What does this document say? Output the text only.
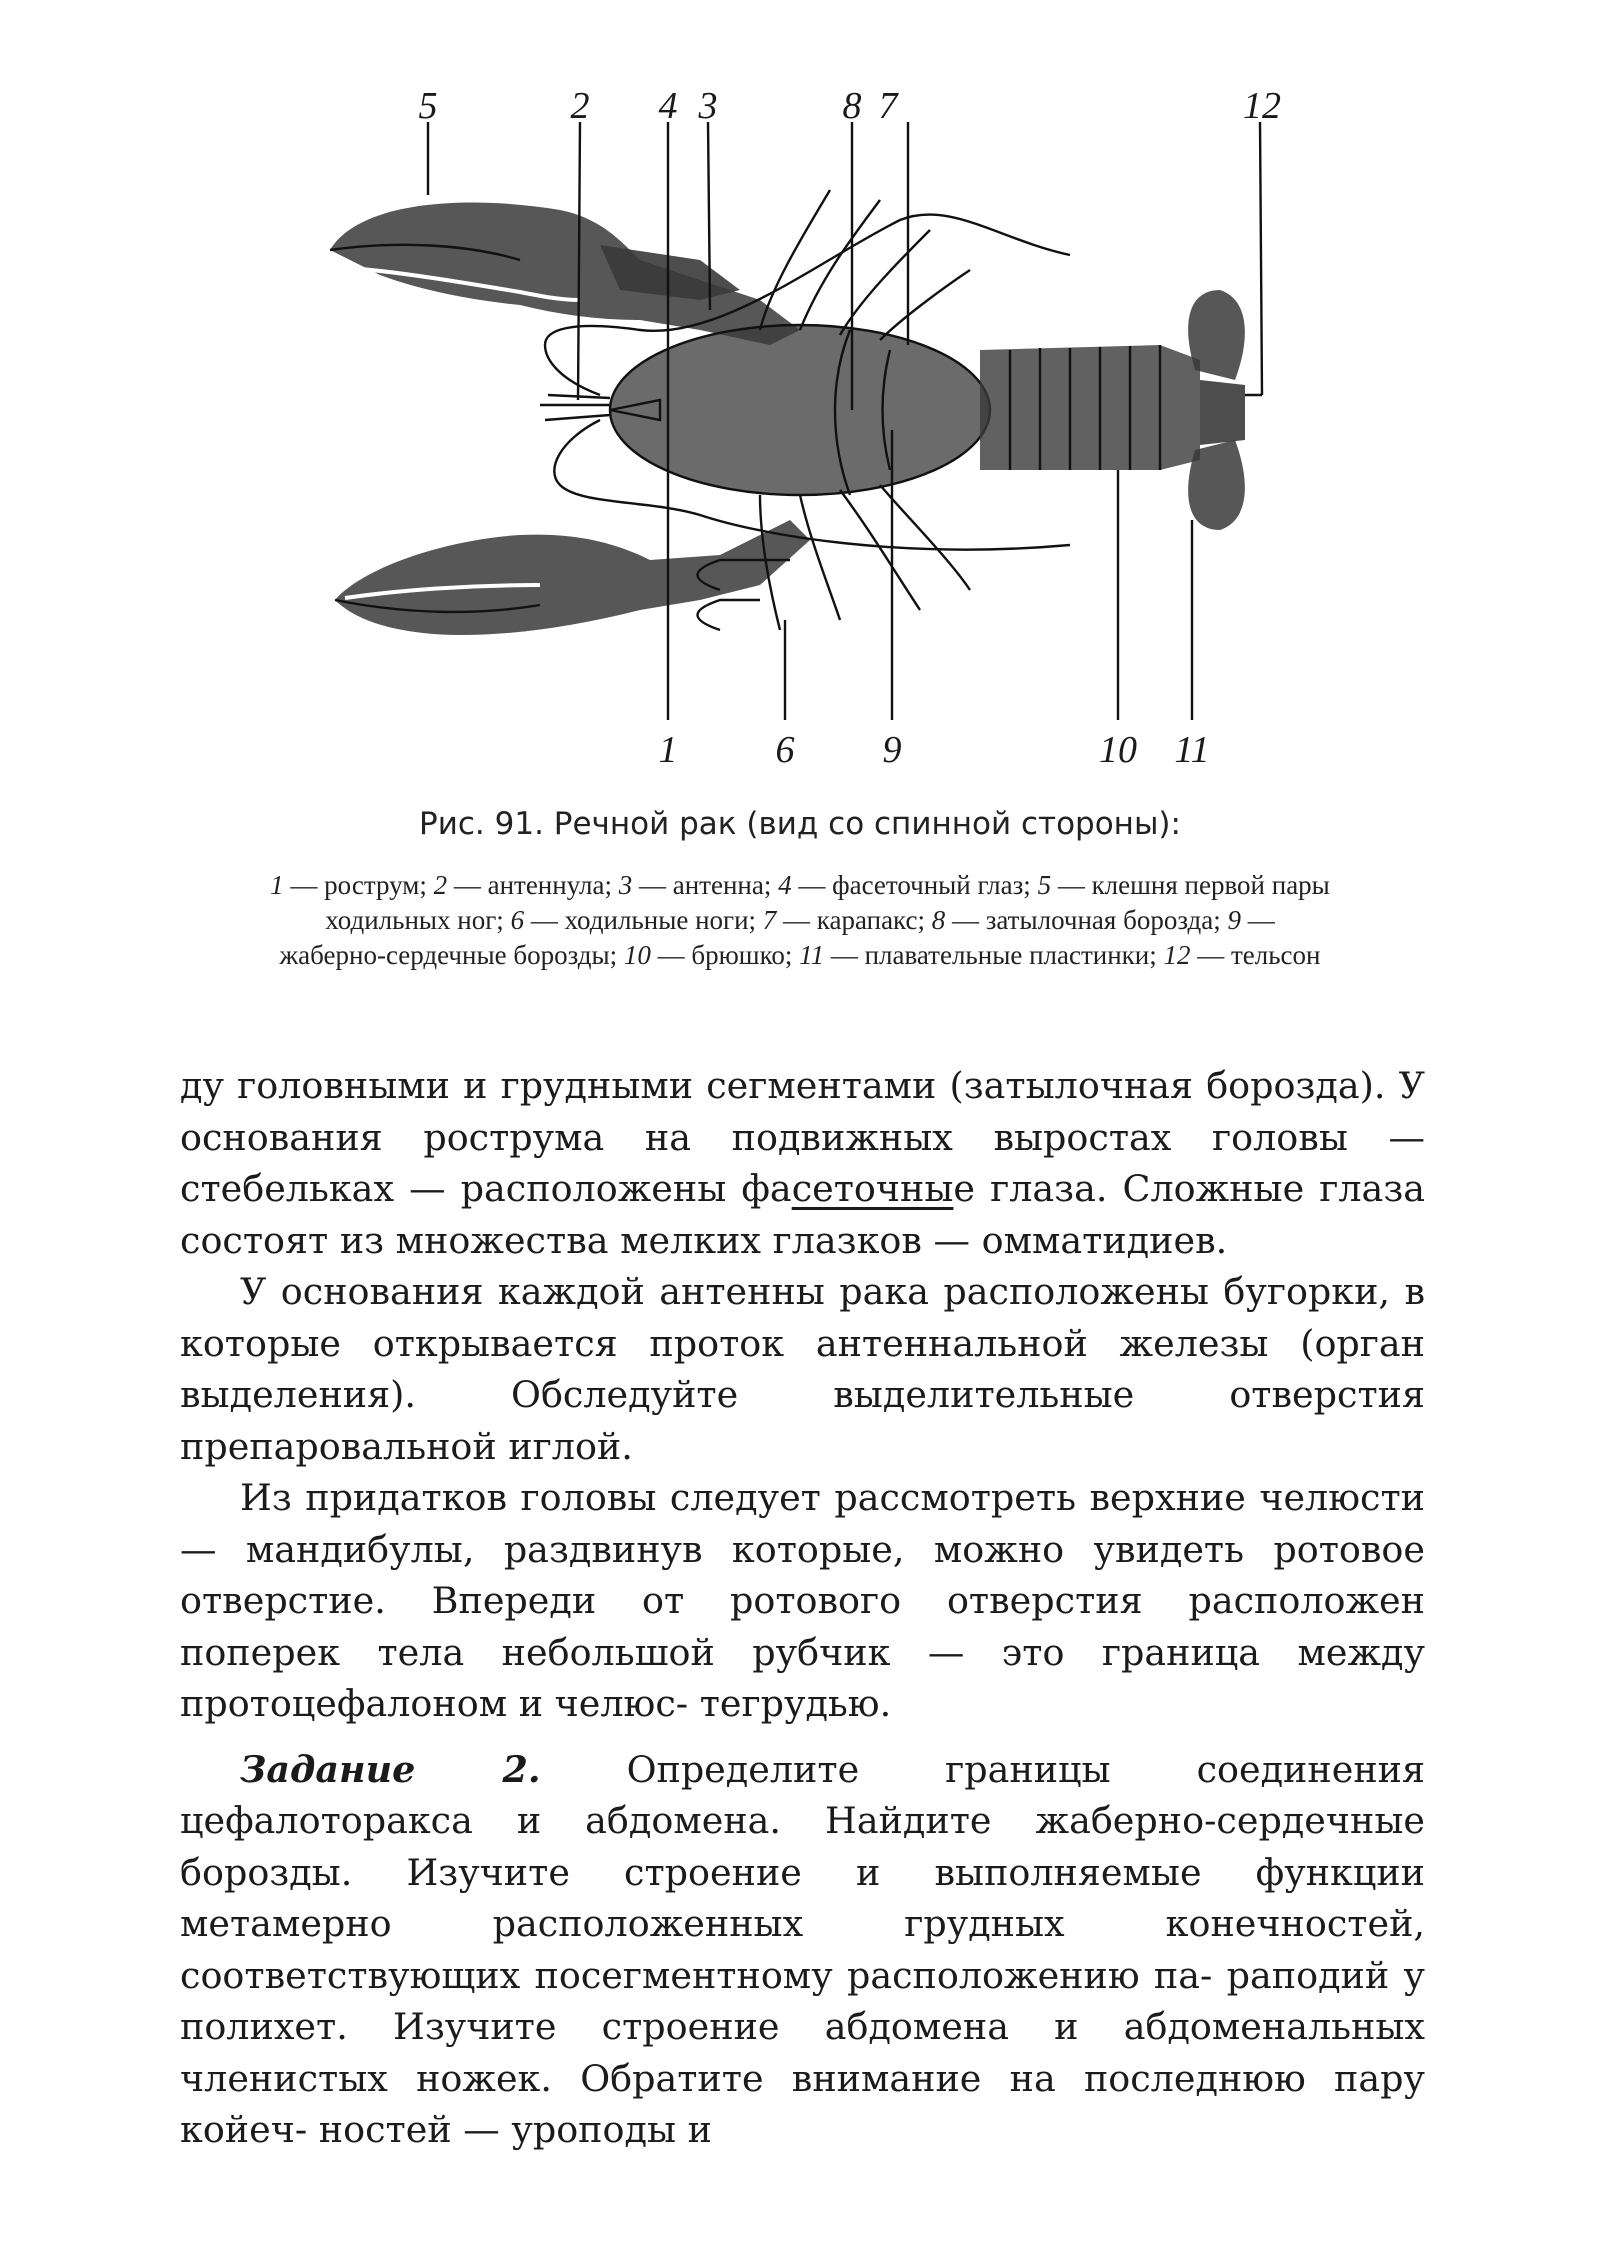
5	2 4 3	8 7	12
1	6 9	10 11
Рис. 91. Речной рак (вид со спинной стороны):
1 — рострум; 2 — антеннула; 3 — антенна; 4 — фасеточный глаз; 5 — клешня первой пары ходильных ног; 6 — ходильные ноги; 7 — карапакс; 8 — затылочная борозда; 9 — жаберно-сердечные борозды; 10 — брюшко; 11 — плавательные пластинки; 12 — тельсон

ду головными и грудными сегментами (затылочная борозда). У основания рострума на подвижных выростах головы — стебельках — расположены фасеточные глаза. Сложные глаза состоят из множества мелких глазков — омматидиев.

У основания каждой антенны рака расположены бугорки, в которые открывается проток антеннальной железы (орган выделения). Обследуйте выделительные отверстия препаровальной иглой.

Из придатков головы следует рассмотреть верхние челюсти — мандибулы, раздвинув которые, можно увидеть ротовое отверстие. Впереди от ротового отверстия расположен поперек тела небольшой рубчик — это граница между протоцефалоном и челюс- тегрудью.

Задание 2. Определите границы соединения цефалоторакса и абдомена. Найдите жаберно-сердечные борозды. Изучите строение и выполняемые функции метамерно расположенных грудных конечностей, соответствующих посегментному расположению па- раподий у полихет. Изучите строение абдомена и абдоменальных членистых ножек. Обратите внимание на последнюю пару койеч- ностей — уроподы и
